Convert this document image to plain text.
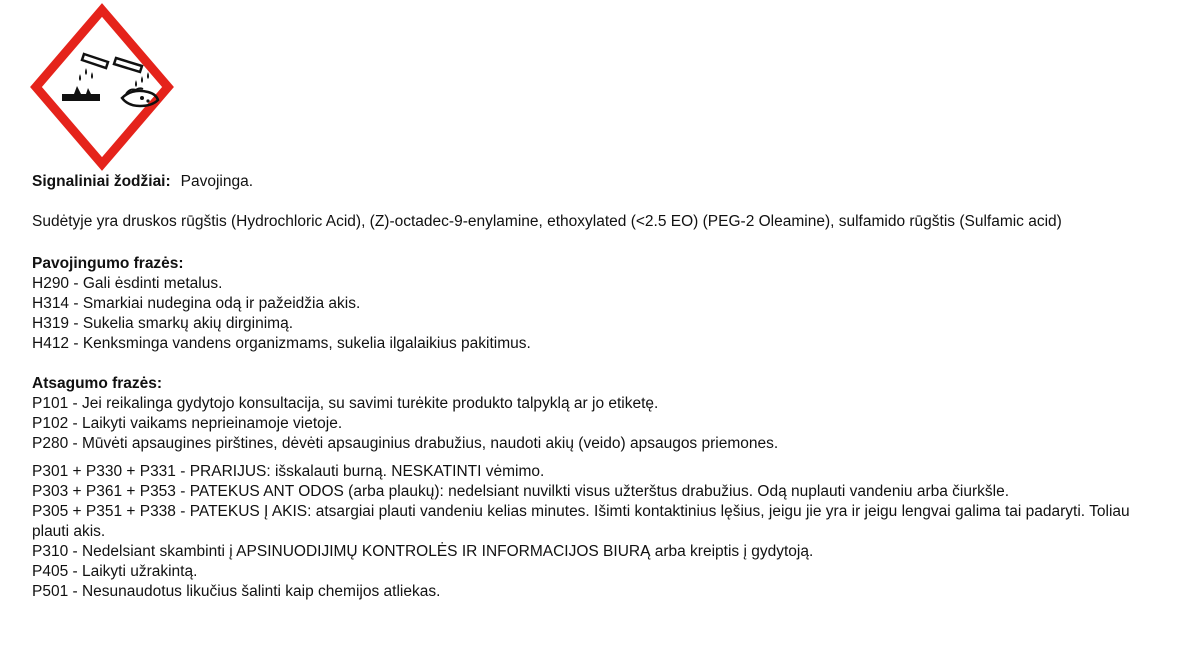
Signaliniai žodžiai: Pavojinga.
Sudėtyje yra druskos rūgštis (Hydrochloric Acid), (Z)-octadec-9-enylamine, ethoxylated (<2.5 EO) (PEG-2 Oleamine), sulfamido rūgštis (Sulfamic acid)
Pavojingumo frazės:
H290 - Gali ėsdinti metalus.
H314 - Smarkiai nudegina odą ir pažeidžia akis.
H319 - Sukelia smarkų akių dirginimą.
H412 - Kenksminga vandens organizmams, sukelia ilgalaikius pakitimus.
Atsagumo frazės:
P101 - Jei reikalinga gydytojo konsultacija, su savimi turėkite produkto talpyklą ar jo etiketę.
P102 - Laikyti vaikams neprieinamoje vietoje.
P280 - Mūvėti apsaugines pirštines, dėvėti apsauginius drabužius, naudoti akių (veido) apsaugos priemones.
P301 + P330 + P331 - PRARIJUS: išskalauti burną. NESKATINTI vėmimo.
P303 + P361 + P353 - PATEKUS ANT ODOS (arba plaukų): nedelsiant nuvilkti visus užterštus drabužius. Odą nuplauti vandeniu arba čiurkšle.
P305 + P351 + P338 - PATEKUS Į AKIS: atsargiai plauti vandeniu kelias minutes. Išimti kontaktinius lęšius, jeigu jie yra ir jeigu lengvai galima tai padaryti. Toliau plauti akis.
P310 - Nedelsiant skambinti į APSINUODIJIMŲ KONTROLĖS IR INFORMACIJOS BIURĄ arba kreiptis į gydytoją.
P405 - Laikyti užrakintą.
P501 - Nesunaudotus likučius šalinti kaip chemijos atliekas.
